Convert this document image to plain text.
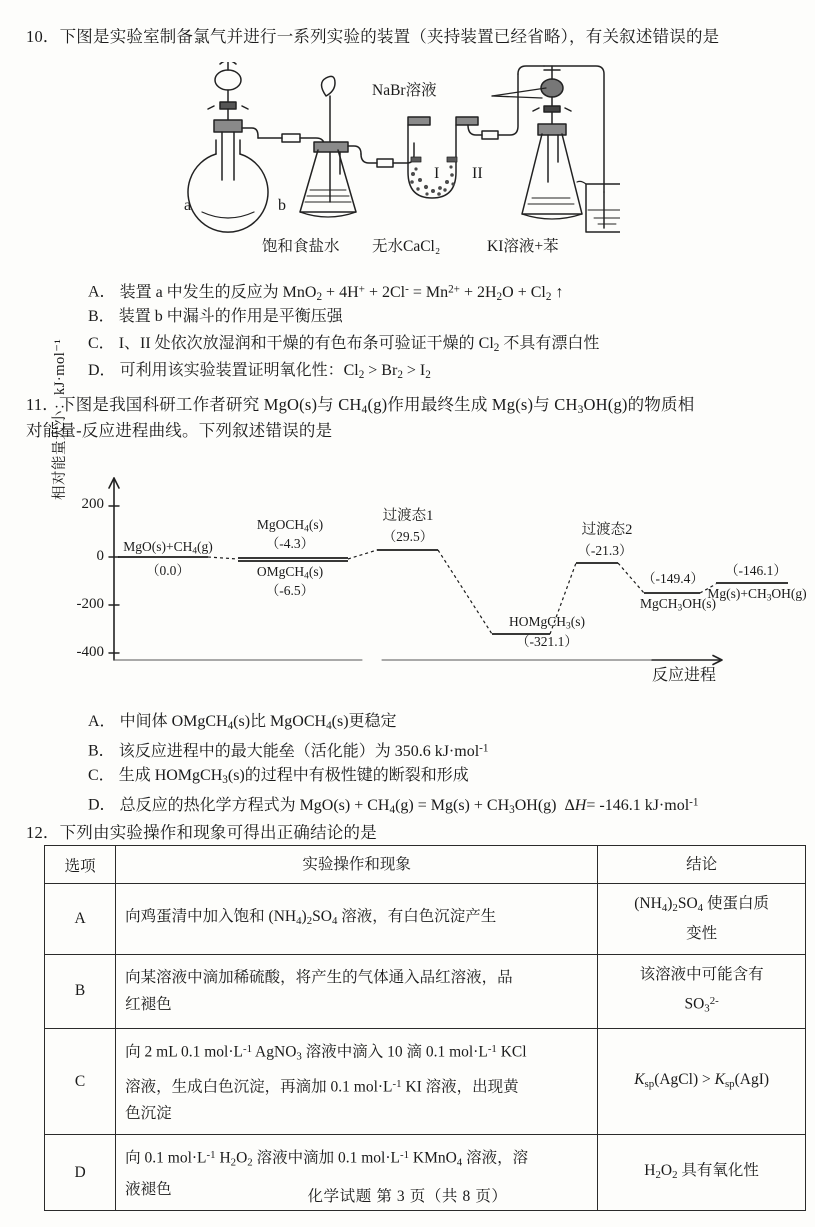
10．下图是实验室制备氯气并进行一系列实验的装置（夹持装置已经省略），有关叙述错误的是
NaBr溶液
a	b
I II
饱和食盐水 无水CaCl₂	KI溶液+苯
A． 装置 a 中发生的反应为 $MnO_2 + 4H^+ + 2Cl^- = Mn^{2+} + 2H_2O + Cl_2$ ↑
B． 装置 b 中漏斗的作用是平衡压强
C． I、II 处依次放湿润和干燥的有色布条可验证干燥的 $Cl_2$ 不具有漂白性
D． 可利用该实验装置证明氧化性：$Cl_2 > Br_2 > I_2$
11．下图是我国科研工作者研究 MgO(s)与 $CH_4(g)$作用最终生成 Mg(s)与 $CH_3OH(g)$的物质相
对能量-反应进程曲线。下列叙述错误的是
相对能量大小：kJ·mol⁻¹
200
0
-200
-400
$MgO(s)+CH_4(g)$
（0.0）
MgOCH$_4$(s)
（-4.3）
OMgCH$_4$(s)
（-6.5）
过渡态1
（29.5）
HOMgCH$_3$(s)
（-321.1）
过渡态2
（-21.3）
（-149.4）
MgCH$_3$OH(s)
（-146.1）
$Mg(s)+CH_3OH(g)$
反应进程
A． 中间体 OMgCH$_4$(s)比 MgOCH$_4$(s)更稳定
B． 该反应进程中的最大能垒（活化能）为 350.6 kJ·mol$^{-1}$
C． 生成 HOMgCH$_3$(s)的过程中有极性键的断裂和形成
D． 总反应的热化学方程式为 $MgO(s) + CH_4(g) = Mg(s) + CH_3OH(g)$  ΔH= -146.1 kJ·mol$^{-1}$
12．下列由实验操作和现象可得出正确结论的是
选项	实验操作和现象	结论
A	向鸡蛋清中加入饱和 $(NH_4)_2SO_4$ 溶液，有白色沉淀产生	$(NH_4)_2SO_4$ 使蛋白质
变性
B	向某溶液中滴加稀硫酸，将产生的气体通入品红溶液，品
红褪色	该溶液中可能含有
$SO_3^{2-}$
C	向 2 mL 0.1 $mol\cdot L^{-1}$ AgNO$_3$ 溶液中滴入 10 滴 0.1 $mol\cdot L^{-1}$ KCl
溶液，生成白色沉淀，再滴加 0.1 $mol\cdot L^{-1}$ KI 溶液，出现黄
色沉淀	$K_{sp}(AgCl) > K_{sp}(AgI)$
D	向 0.1 $mol\cdot L^{-1}$ $H_2O_2$ 溶液中滴加 0.1 $mol\cdot L^{-1}$ KMnO$_4$ 溶液，溶
液褪色	$H_2O_2$ 具有氧化性
化学试题 第 3 页（共 8 页）
